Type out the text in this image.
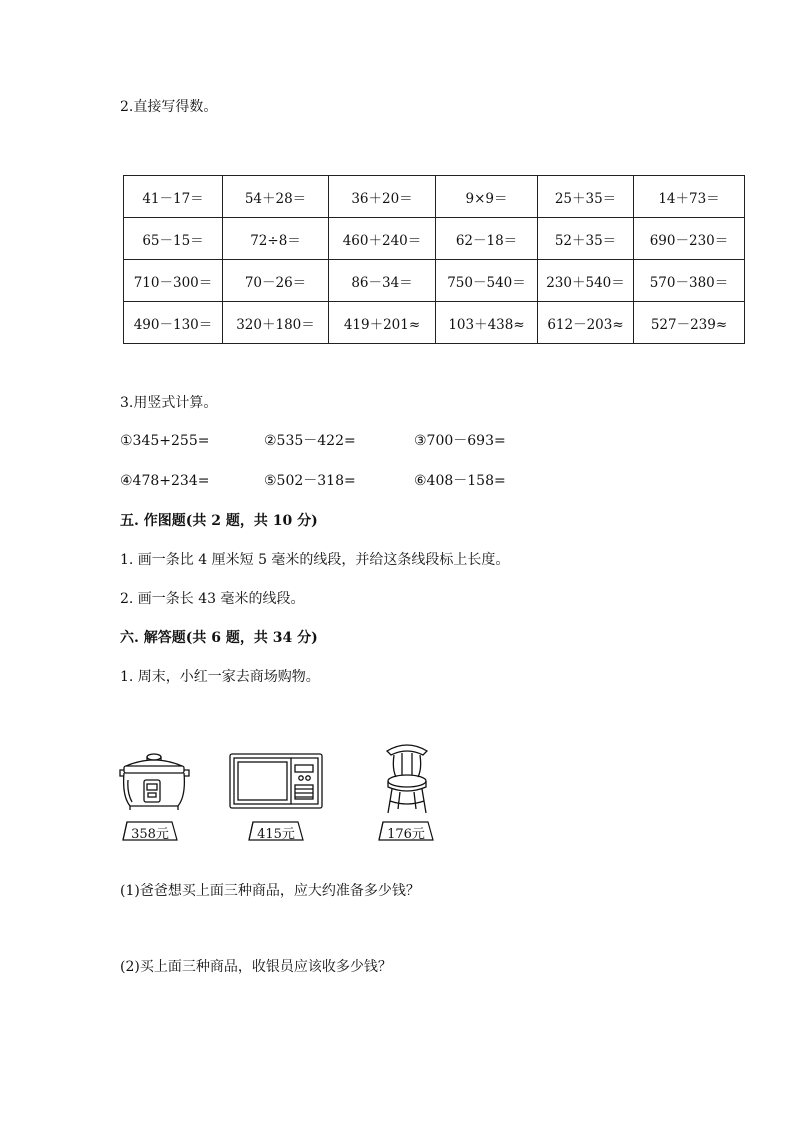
2.直接写得数。
41－17＝	54＋28＝	36＋20＝	9×9＝	25＋35＝	14＋73＝
65－15＝	72÷8＝	460＋240＝	62－18＝	52＋35＝	690－230＝
710－300＝	70－26＝	86－34＝	750－540＝	230＋540＝	570－380＝
490－130＝	320＋180＝	419＋201≈	103＋438≈	612－203≈	527－239≈
3.用竖式计算。
①345+255=	②535－422=	③700－693=
④478+234=	⑤502－318=	⑥408－158=
五. 作图题(共 2 题，共 10 分)
1. 画一条比 4 厘米短 5 毫米的线段，并给这条线段标上长度。
2. 画一条长 43 毫米的线段。
六. 解答题(共 6 题，共 34 分)
1. 周末，小红一家去商场购物。
358元	415元	176元
(1)爸爸想买上面三种商品，应大约准备多少钱？
(2)买上面三种商品，收银员应该收多少钱？
